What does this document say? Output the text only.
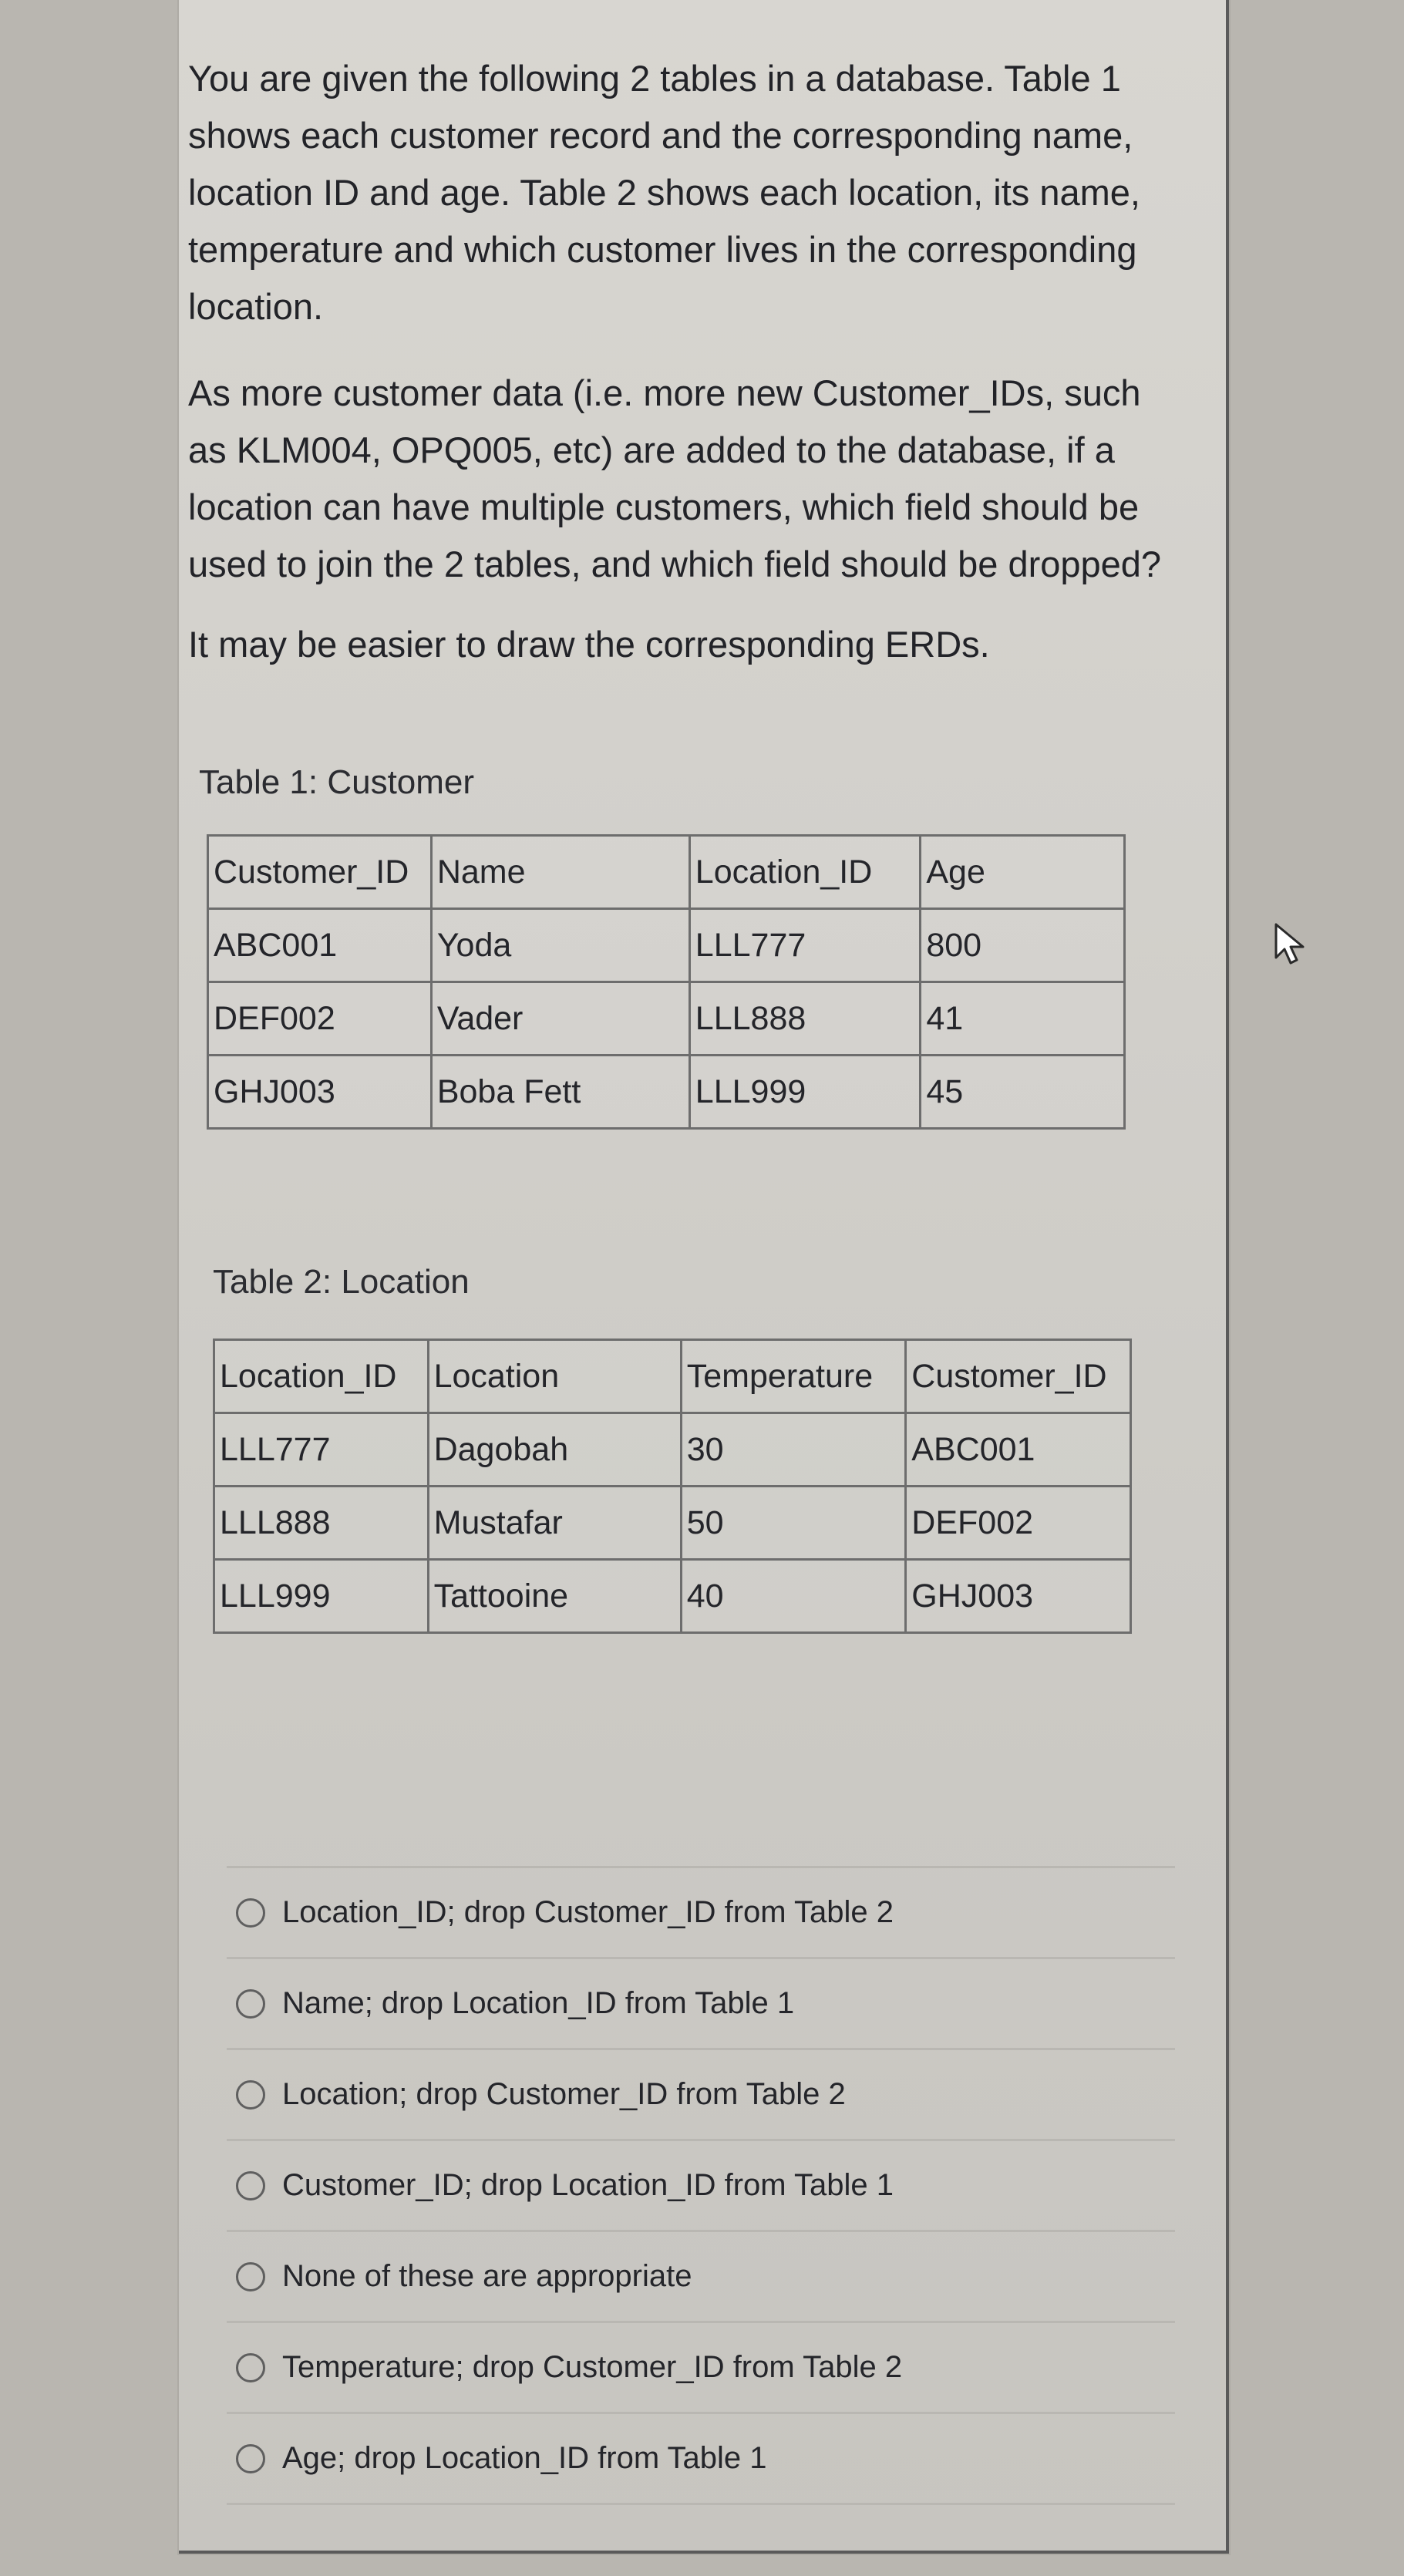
You are given the following 2 tables in a database. Table 1 shows each customer record and the corresponding name, location ID and age. Table 2 shows each location, its name, temperature and which customer lives in the corresponding location.

As more customer data (i.e. more new Customer_IDs, such as KLM004, OPQ005, etc) are added to the database, if a location can have multiple customers, which field should be used to join the 2 tables, and which field should be dropped?

It may be easier to draw the corresponding ERDs.

Table 1: Customer
Customer_ID	Name	Location_ID	Age
ABC001	Yoda	LLL777	800
DEF002	Vader	LLL888	41
GHJ003	Boba Fett	LLL999	45
Table 2: Location
Location_ID	Location	Temperature	Customer_ID
LLL777	Dagobah	30	ABC001
LLL888	Mustafar	50	DEF002
LLL999	Tattooine	40	GHJ003
Location_ID; drop Customer_ID from Table 2
Name; drop Location_ID from Table 1
Location; drop Customer_ID from Table 2
Customer_ID; drop Location_ID from Table 1
None of these are appropriate
Temperature; drop Customer_ID from Table 2
Age; drop Location_ID from Table 1
